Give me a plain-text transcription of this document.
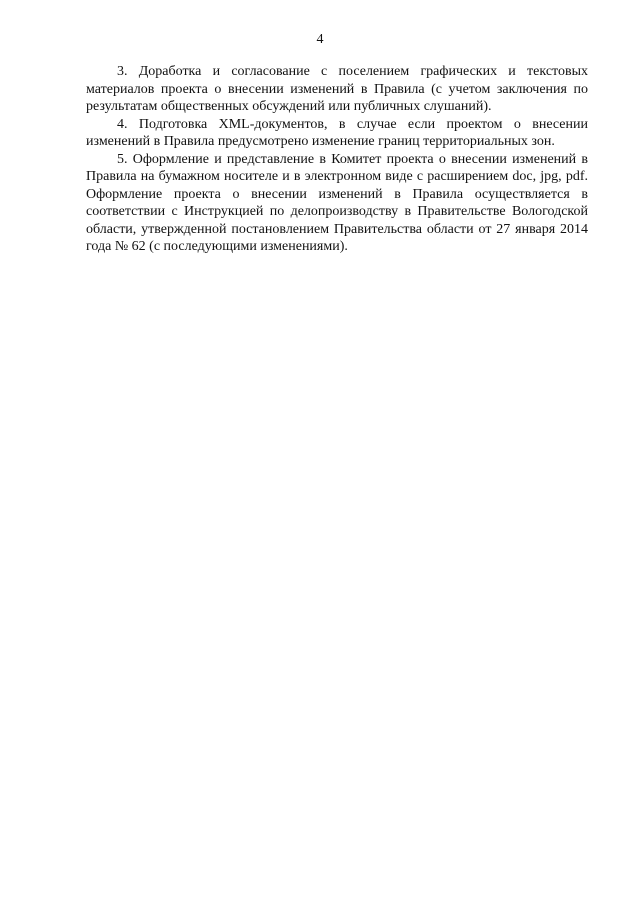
4

3. Доработка и согласование с поселением графических и текстовых материалов проекта о внесении изменений в Правила (с учетом заключения по результатам общественных обсуждений или публичных слушаний).

4. Подготовка XML-документов, в случае если проектом о внесении изменений в Правила предусмотрено изменение границ территориальных зон.

5. Оформление и представление в Комитет проекта о внесении изменений в Правила на бумажном носителе и в электронном виде с расширением doc, jpg, pdf. Оформление проекта о внесении изменений в Правила осуществляется в соответствии с Инструкцией по делопроизводству в Правительстве Вологодской области, утвержденной постановлением Правительства области от 27 января 2014 года № 62 (с последующими изменениями).
